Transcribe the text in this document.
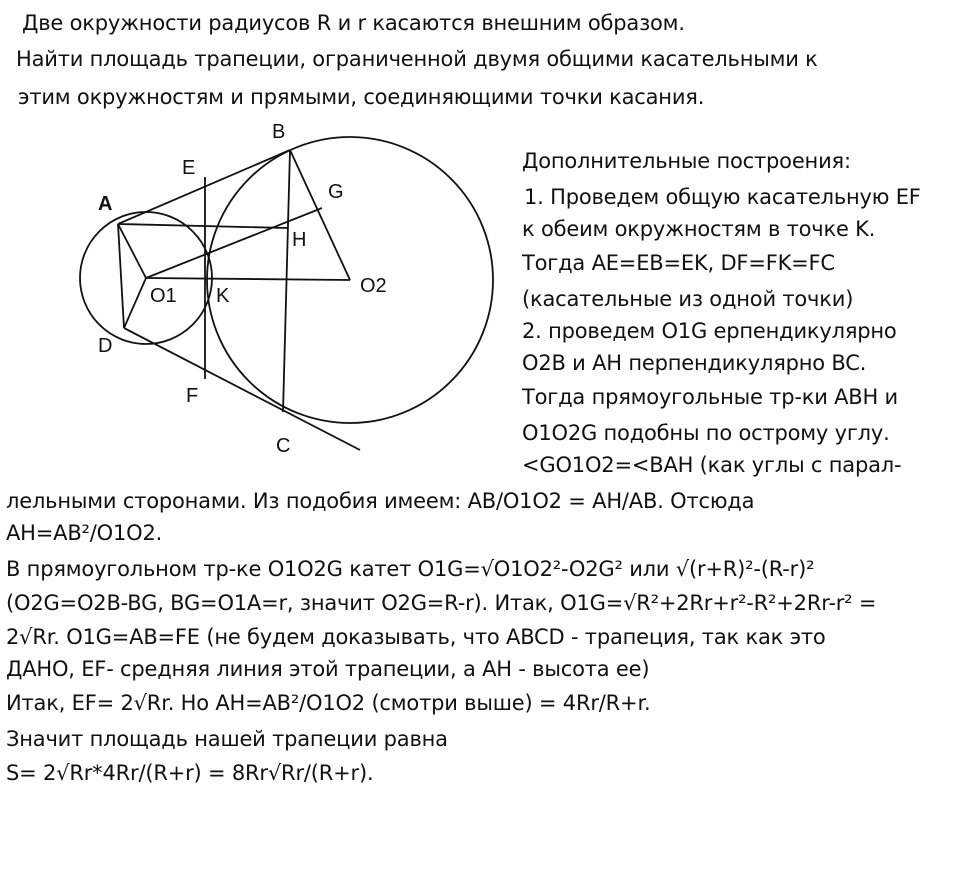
Две окружности радиусов R и r касаются внешним образом.
Найти площадь трапеции, ограниченной двумя общими касательными к
этим окружностям и прямыми, соединяющими точки касания.
A
B
C
D
E
F
G
H
K
O1	O2
Дополнительные построения:
1. Проведем общую касательную EF
к обеим окружностям в точке K.
Тогда AE=EB=EK, DF=FK=FC
(касательные из одной точки)
2. проведем O1G ерпендикулярно
O2B и AH перпендикулярно BC.
Тогда прямоугольные тр-ки ABH и
O1O2G подобны по острому углу.
<GO1O2=<BAH (как углы с парал-
лельными сторонами. Из подобия имеем: AB/O1O2 = AH/AB. Отсюда
AH=AB²/O1O2.
В прямоугольном тр-ке O1O2G катет O1G=√O1O2²-O2G² или √(r+R)²-(R-r)²
(O2G=O2B-BG, BG=O1A=r, значит O2G=R-r). Итак, O1G=√R²+2Rr+r²-R²+2Rr-r² =
2√Rr. O1G=AB=FE (не будем доказывать, что ABCD - трапеция, так как это
ДАНО, EF- средняя линия этой трапеции, а AH - высота ее)
Итак, EF= 2√Rr. Но AH=AB²/O1O2 (смотри выше) = 4Rr/R+r.
Значит площадь нашей трапеции равна
S= 2√Rr*4Rr/(R+r) = 8Rr√Rr/(R+r).
